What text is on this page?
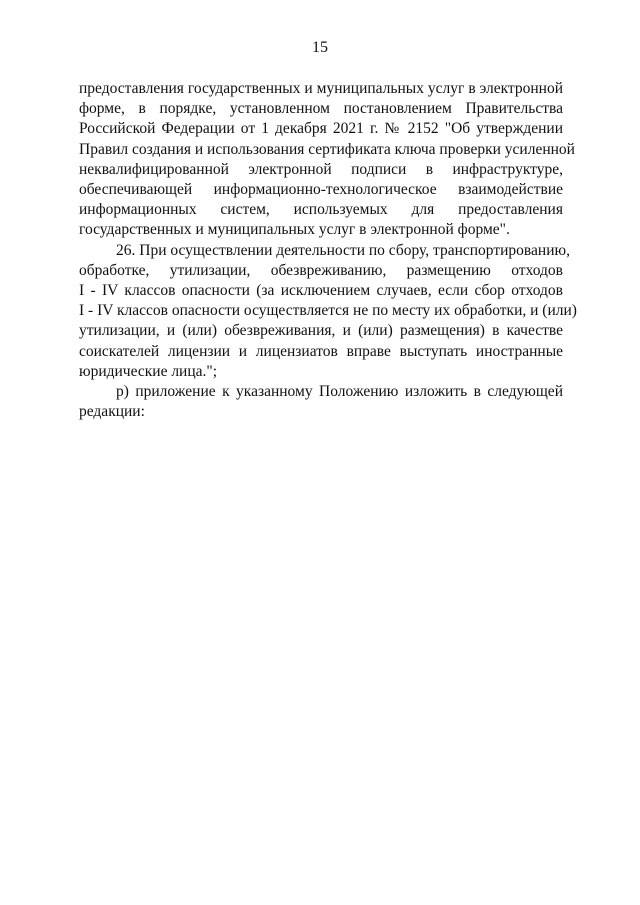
15
предоставления государственных и муниципальных услуг в электронной
форме, в порядке, установленном постановлением Правительства
Российской Федерации от 1 декабря 2021 г. № 2152 "Об утверждении
Правил создания и использования сертификата ключа проверки усиленной
неквалифицированной электронной подписи в инфраструктуре,
обеспечивающей информационно-технологическое взаимодействие
информационных систем, используемых для предоставления
государственных и муниципальных услуг в электронной форме".
26. При осуществлении деятельности по сбору, транспортированию,
обработке, утилизации, обезвреживанию, размещению отходов
I - IV классов опасности (за исключением случаев, если сбор отходов
I - IV классов опасности осуществляется не по месту их обработки, и (или)
утилизации, и (или) обезвреживания, и (или) размещения) в качестве
соискателей лицензии и лицензиатов вправе выступать иностранные
юридические лица.";
р) приложение к указанному Положению изложить в следующей
редакции:
